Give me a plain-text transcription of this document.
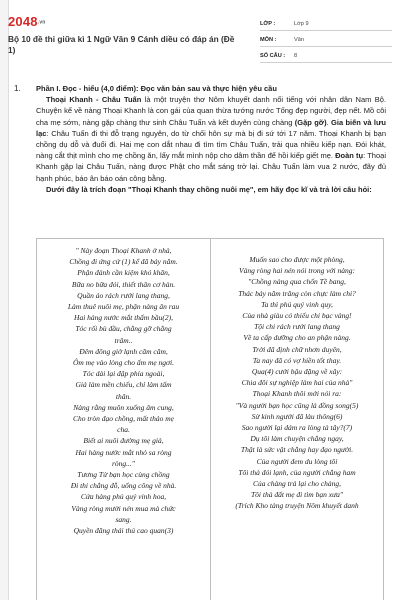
2048.vn
Bộ 10 đề thi giữa kì 1 Ngữ Văn 9 Cánh diều có đáp án (Đề 1)
LỚP :	Lớp 9
MÔN :	Văn
SỐ CÂU :	8
1. Phần I. Đọc - hiểu (4,0 điểm): Đọc văn bản sau và thực hiện yêu cầu

Thoại Khanh - Châu Tuấn là một truyện thơ Nôm khuyết danh nổi tiếng với nhân dân Nam Bộ. Chuyện kể về nàng Thoại Khanh là con gái của quan thừa tướng nước Tống đẹp người, đẹp nết. Mồ côi cha mẹ sớm, nàng gặp chàng thư sinh Châu Tuấn và kết duyên cùng chàng (Gặp gỡ). Gia biến và lưu lạc: Châu Tuấn đi thi đỗ trạng nguyên, do từ chối hôn sự mà bị đi sứ tới 17 năm. Thoại Khanh bị bạn chồng dụ dỗ và đuổi đi. Hai mẹ con dắt nhau đi tìm tìm Châu Tuấn, trải qua nhiều kiếp nạn. Đói khát, nàng cắt thịt mình cho mẹ chồng ăn, lấy mắt mình nộp cho dâm thần để hồi kiếp giết mẹ. Đoàn tụ: Thoại Khanh gặp lại Châu Tuấn, nàng được Phật cho mắt sáng trở lại. Châu Tuấn làm vua 2 nước, đãy đủ hạnh phúc, báo ân báo oán công bằng.

Dưới đây là trích đoạn "Thoại Khanh thay chồng nuôi mẹ", em hãy đọc kĩ và trả lời câu hỏi:

" Này đoạn Thoại Khanh ở nhà,
Chồng đi ứng cử (1) kể đã bảy năm.
Phận đành cần kiệm khó khăn,
Bữa no bữa đói, thiết thân cơ hàn.
Quần áo rách rưới lang thang,
Làm thuê nuôi mẹ, phận nàng ân rau
Hai hàng nước mắt thấm bầu(2),
Tóc rối bù đầu, chẳng gỡ chẳng
trâm..
Đêm đông giờ lạnh căm căm,
Ôm mẹ vào lòng cho ấm mẹ ngơi.
Tóc dài lại đập phía ngoài,
Giả làm mền chiếu, chỉ làm tấm
thân.
Nàng rằng muôn xuống âm cung,
Cho tròn đạo chồng, mất thảo mẹ
cha.
Biết ai nuôi đường mẹ già,
Hai hàng nước mắt nhỏ sa ròng
ròng..."
Tương Tử bạn học cùng chồng
Đi thi chẳng đỗ, uổng công về nhà.
Cửa hàng phủ quý vinh hoa,
Vàng ròng mười nén mua mà chức
sang.
Quyền đăng thái thú cao quan(3)
Muốn sao cho được một phòng,
Vàng ròng hai nén nói trong với nàng:
"Chồng nàng qua chốn Tề bang,
Thác bảy năm trăng còn chực làm chi?
Ta thì phú quý vinh quy,
Của nhà giàu có thiếu chi bạc vàng!
Tội chi rách rưới lang thang
Về ta cấp dưỡng cho an phận nàng.
Trời đã định chữ nhơn duyên,
Ta nay đã có vợ hiền tốt thay.
Qua(4) cưới bậu đặng về xây:
Chia đôi sự nghiệp làm hai của nhà"
Thoại Khanh thôi mới nói ra:
"Và người bạn học cũng là đồng song(5)
Sử kinh người đã làu thông(6)
Sao người lại dám ra lòng tà tây?(7)
Dụ tôi làm chuyện chẳng ngay,
Thật là sức vật chẳng hay đạo người.
Của người đem du lòng tôi
Tôi thà đói lạnh, của người chẳng ham
Của chàng trả lại cho chàng,
Tôi thà đất mẹ đi tìm bạn xưa"
(Trích Kho tàng truyện Nôm khuyết danh
